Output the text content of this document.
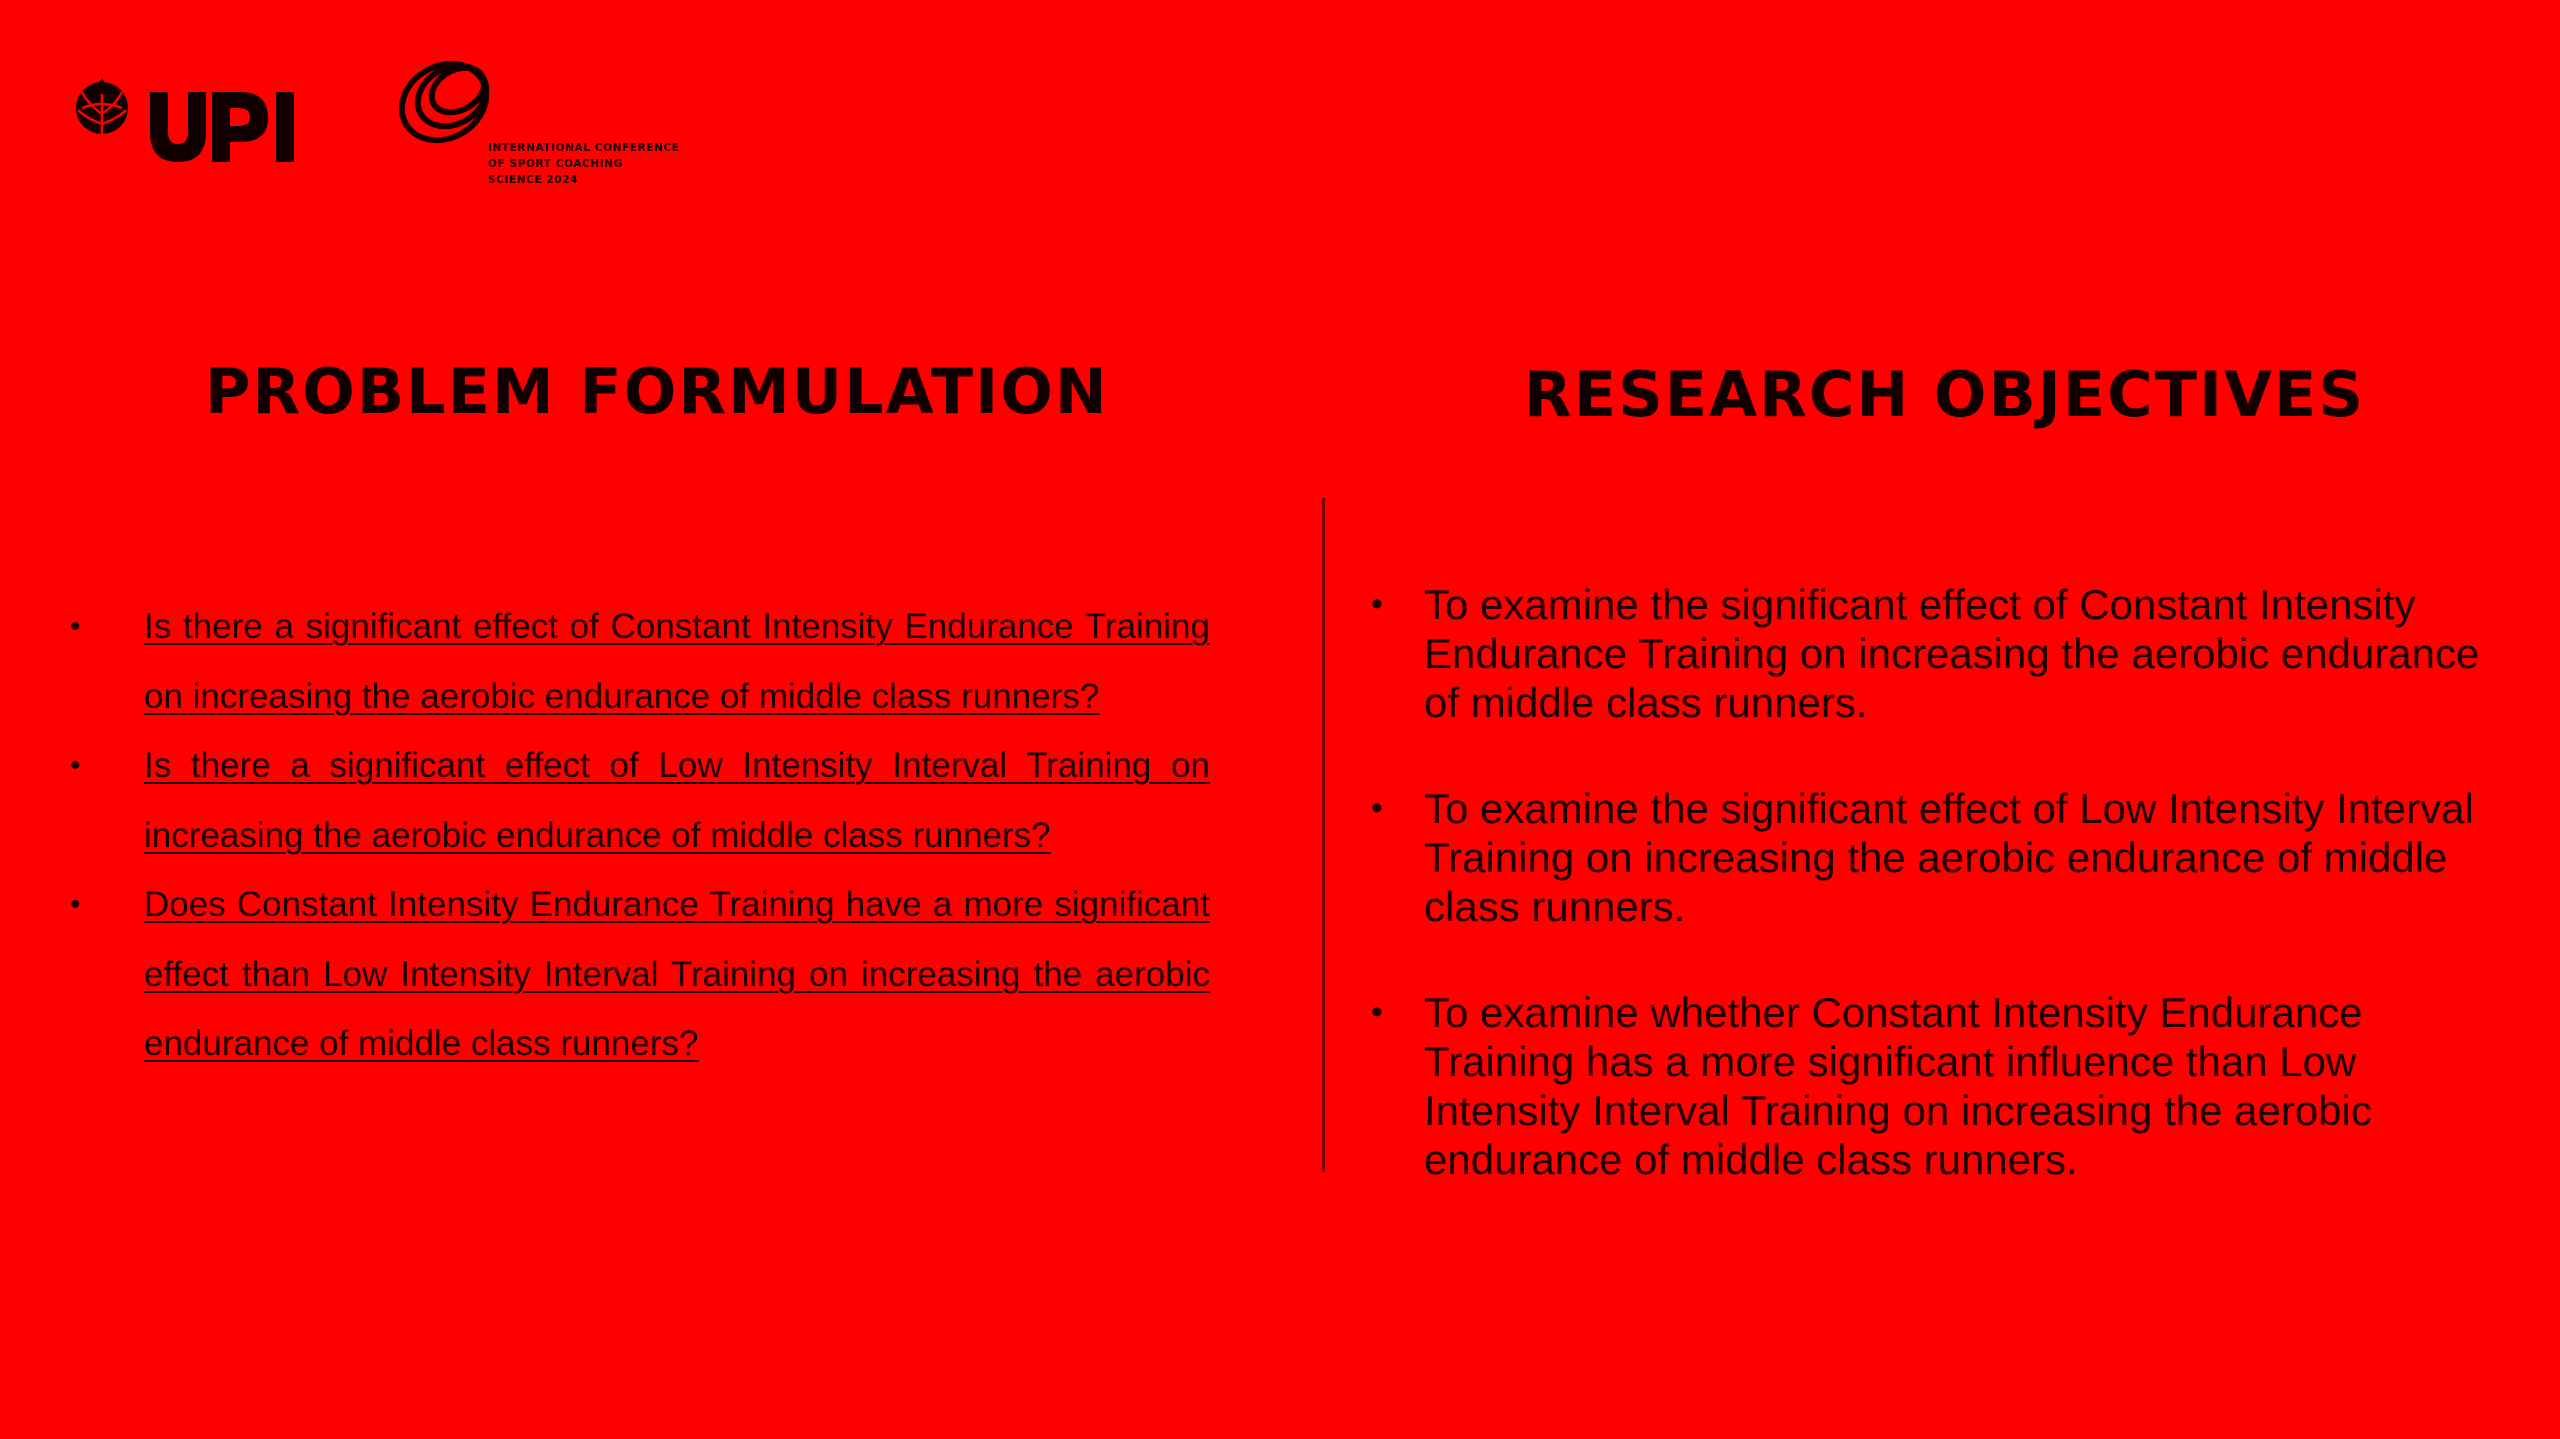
INTERNATIONAL CONFERENCE
OF SPORT COACHING
SCIENCE 2024
PROBLEM FORMULATION	RESEARCH OBJECTIVES
• Is there a significant effect of Constant Intensity Endurance Training on increasing the aerobic endurance of middle class runners?
• Is there a significant effect of Low Intensity Interval Training on increasing the aerobic endurance of middle class runners?
• Does Constant Intensity Endurance Training have a more significant effect than Low Intensity Interval Training on increasing the aerobic endurance of middle class runners?
• To examine the significant effect of Constant Intensity Endurance Training on increasing the aerobic endurance of middle class runners.
• To examine the significant effect of Low Intensity Interval Training on increasing the aerobic endurance of middle class runners.
• To examine whether Constant Intensity Endurance Training has a more significant influence than Low Intensity Interval Training on increasing the aerobic endurance of middle class runners.
